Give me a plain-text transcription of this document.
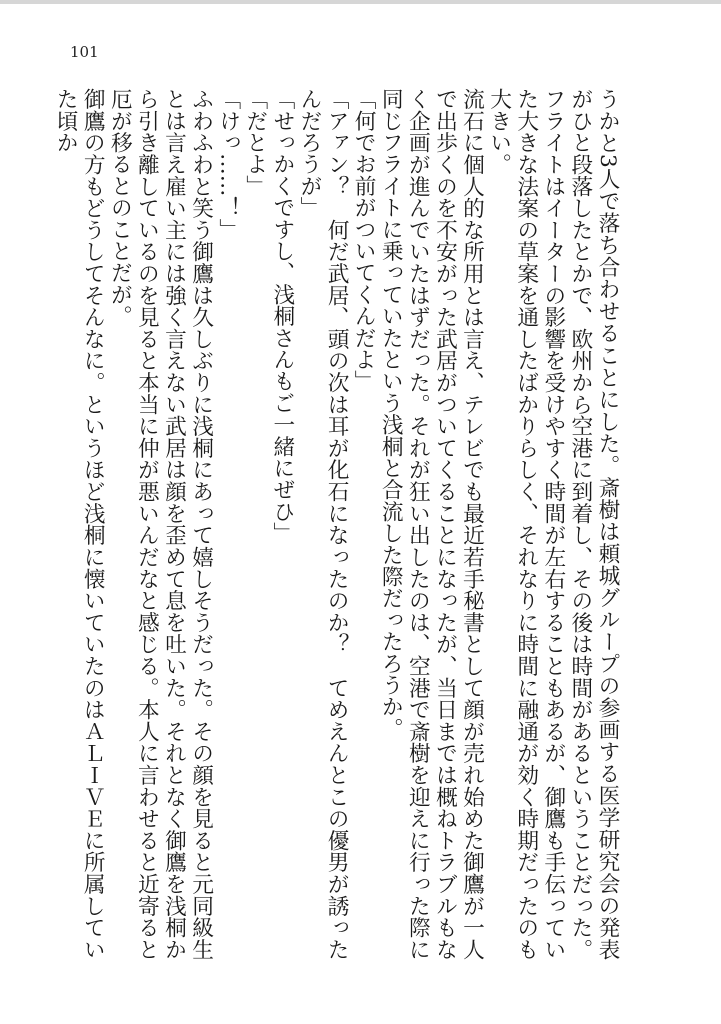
101

うかと3人で落ち合わせることにした。斎樹は頼城グループの参画する医学研究会の発表がひと段落したとかで、欧州から空港に到着し、その後は時間があるということだった。フライトはイーターの影響を受けやすく時間が左右することもあるが、御鷹も手伝っていた大きな法案の草案を通したばかりらしく、それなりに時間に融通が効く時期だったのも大きい。

流石に個人的な所用とは言え、テレビでも最近若手秘書として顔が売れ始めた御鷹が一人で出歩くのを不安がった武居がついてくることになったが、当日までは概ねトラブルもなく企画が進んでいたはずだった。それが狂い出したのは、空港で斎樹を迎えに行った際に同じフライトに乗っていたという浅桐と合流した際だったろうか。

「何でお前がついてくんだよ」

「アァン？　何だ武居、頭の次は耳が化石になったのか？　てめえんとこの優男が誘ったんだろうが」

「せっかくですし、浅桐さんもご一緒にぜひ」

「だとよ」

「けっ……！」

ふわふわと笑う御鷹は久しぶりに浅桐にあって嬉しそうだった。その顔を見ると元同級生とは言え雇い主には強く言えない武居は顔を歪めて息を吐いた。それとなく御鷹を浅桐から引き離しているのを見ると本当に仲が悪いんだなと感じる。本人に言わせると近寄ると厄が移るとのことだが。

御鷹の方もどうしてそんなに。というほど浅桐に懐いていたのはＡＬＩＶＥに所属していた頃か
